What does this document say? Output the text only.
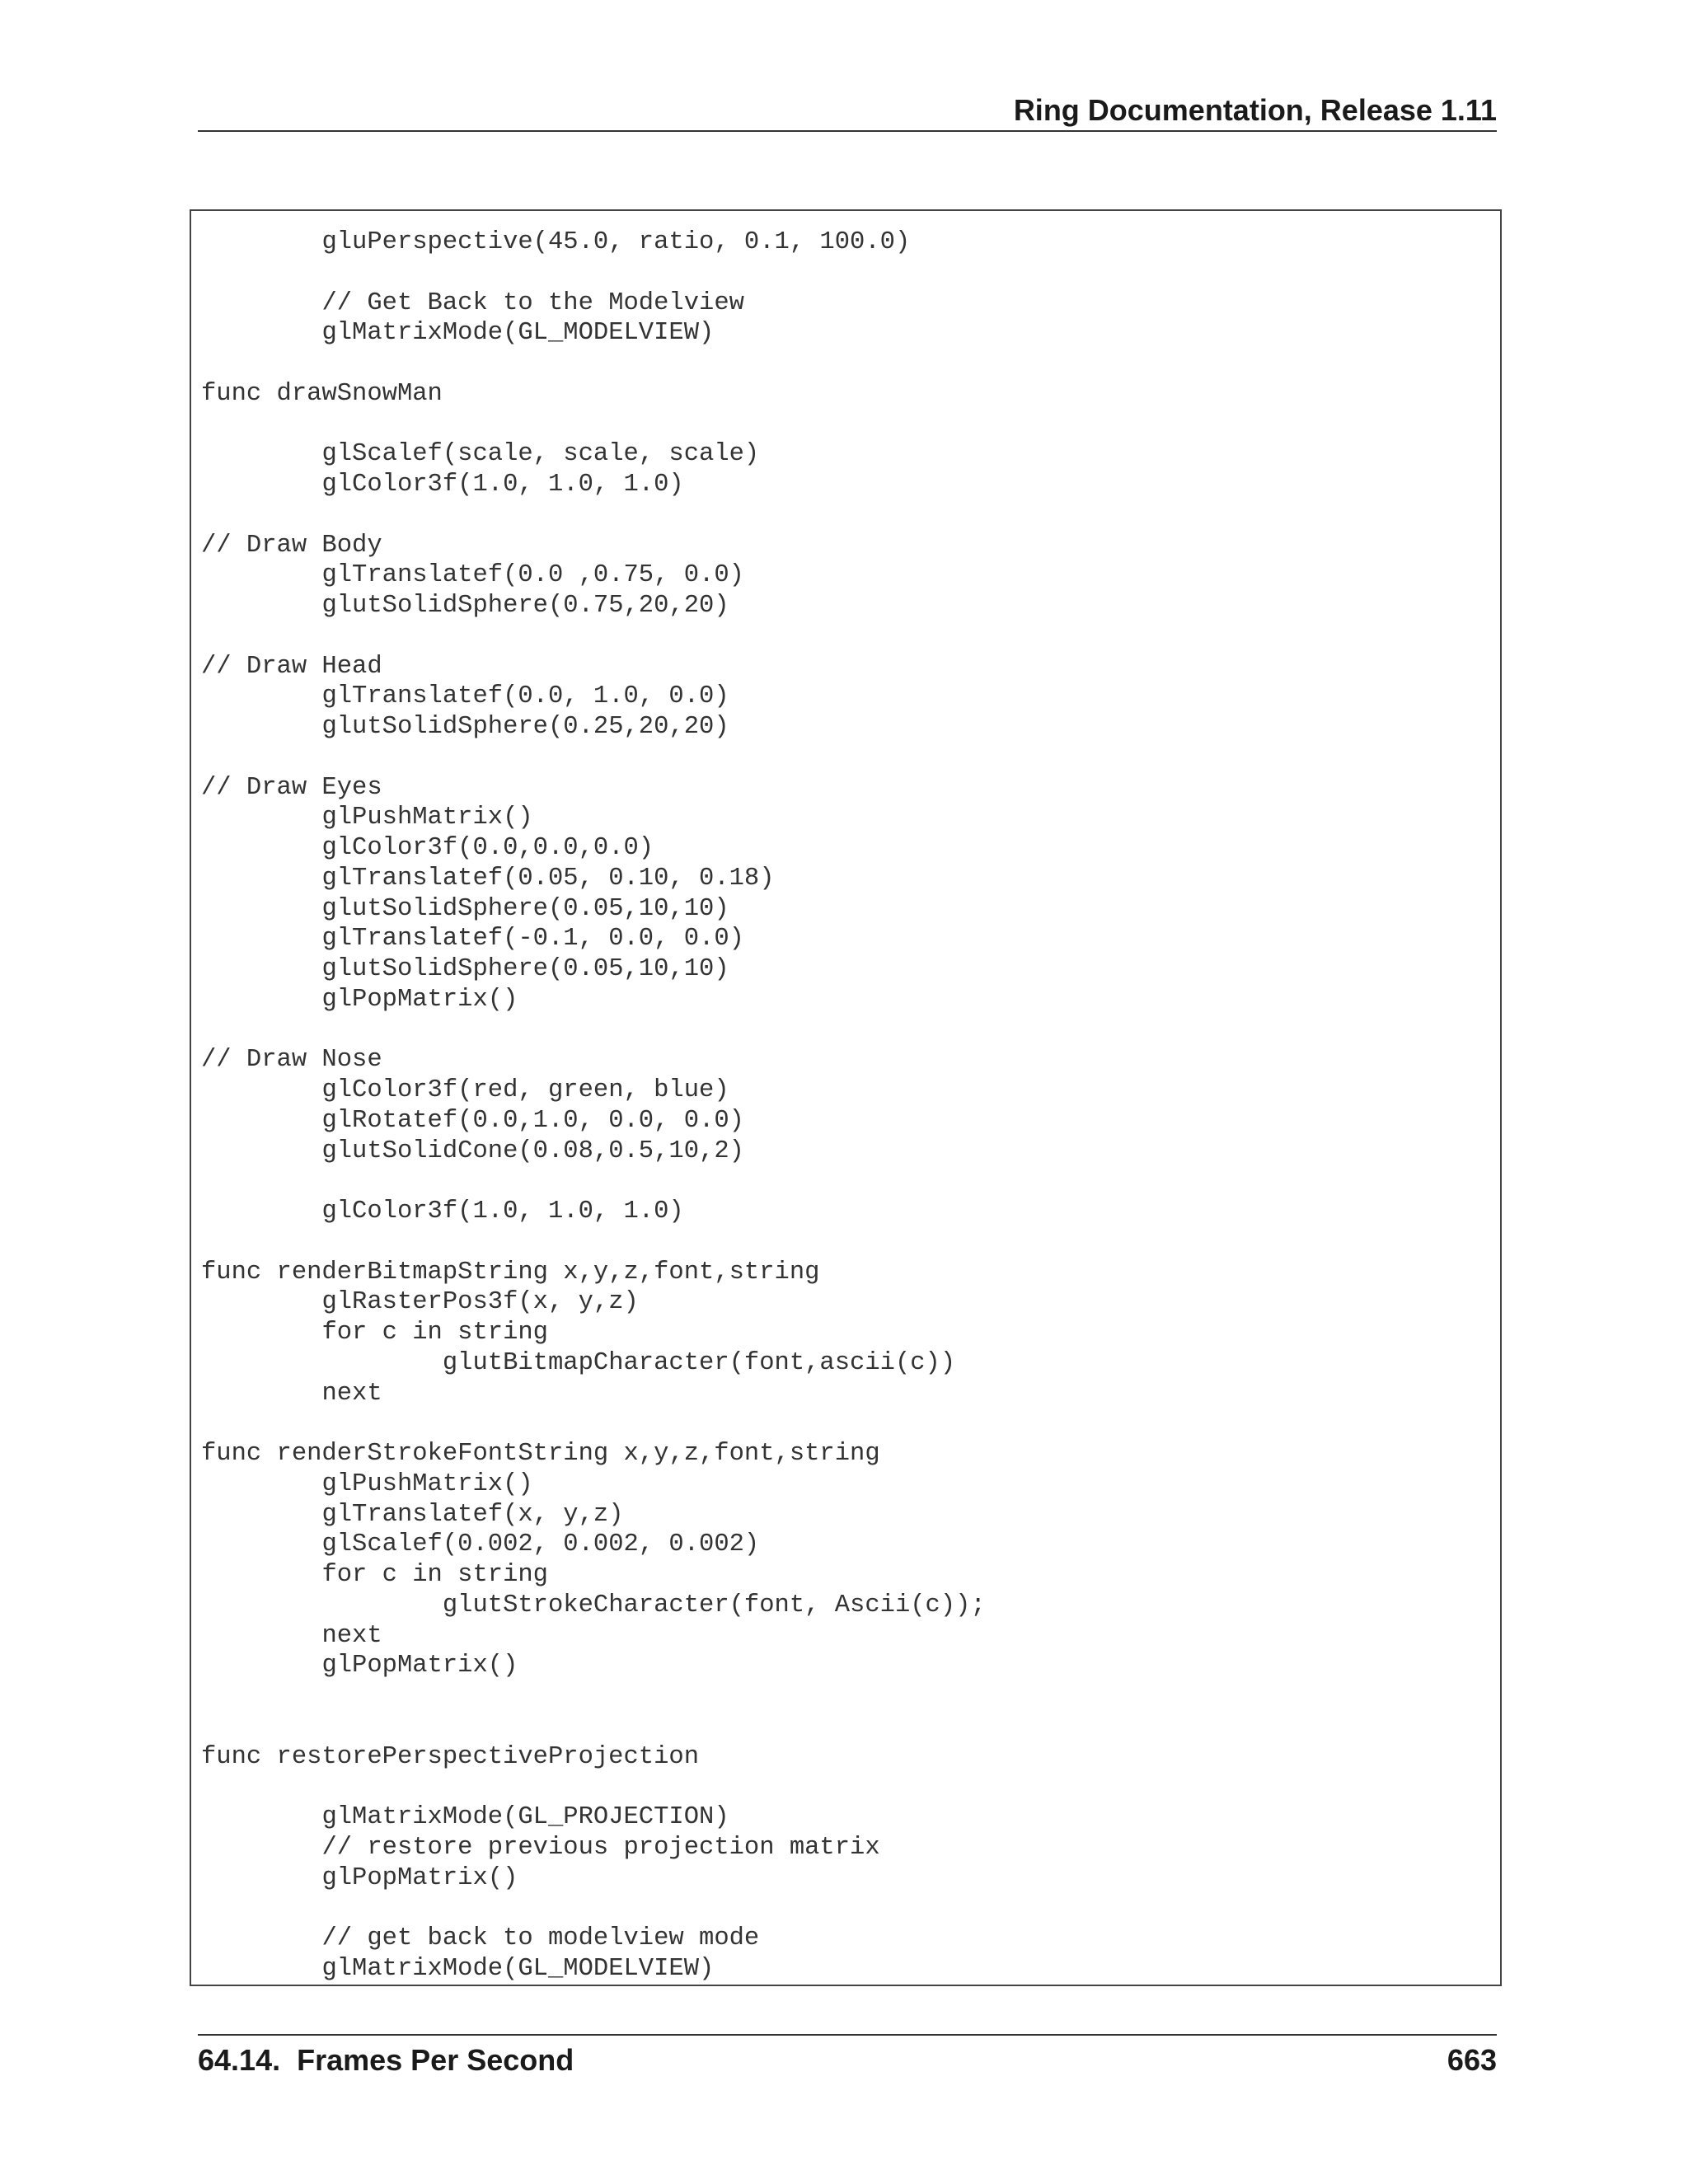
Ring Documentation, Release 1.11
	gluPerspective(45.0, ratio, 0.1, 100.0)

	// Get Back to the Modelview
	glMatrixMode(GL_MODELVIEW)

func drawSnowMan

	glScalef(scale, scale, scale)
	glColor3f(1.0, 1.0, 1.0)

// Draw Body
	glTranslatef(0.0 ,0.75, 0.0)
	glutSolidSphere(0.75,20,20)

// Draw Head
	glTranslatef(0.0, 1.0, 0.0)
	glutSolidSphere(0.25,20,20)

// Draw Eyes
	glPushMatrix()
	glColor3f(0.0,0.0,0.0)
	glTranslatef(0.05, 0.10, 0.18)
	glutSolidSphere(0.05,10,10)
	glTranslatef(-0.1, 0.0, 0.0)
	glutSolidSphere(0.05,10,10)
	glPopMatrix()

// Draw Nose
	glColor3f(red, green, blue)
	glRotatef(0.0,1.0, 0.0, 0.0)
	glutSolidCone(0.08,0.5,10,2)

	glColor3f(1.0, 1.0, 1.0)

func renderBitmapString x,y,z,font,string
	glRasterPos3f(x, y,z)
	for c in string
		glutBitmapCharacter(font,ascii(c))
	next

func renderStrokeFontString x,y,z,font,string
	glPushMatrix()
	glTranslatef(x, y,z)
	glScalef(0.002, 0.002, 0.002)
	for c in string
		glutStrokeCharacter(font, Ascii(c));
	next
	glPopMatrix()

func restorePerspectiveProjection

	glMatrixMode(GL_PROJECTION)
	// restore previous projection matrix
	glPopMatrix()

	// get back to modelview mode
	glMatrixMode(GL_MODELVIEW)
64.14.  Frames Per Second	663
